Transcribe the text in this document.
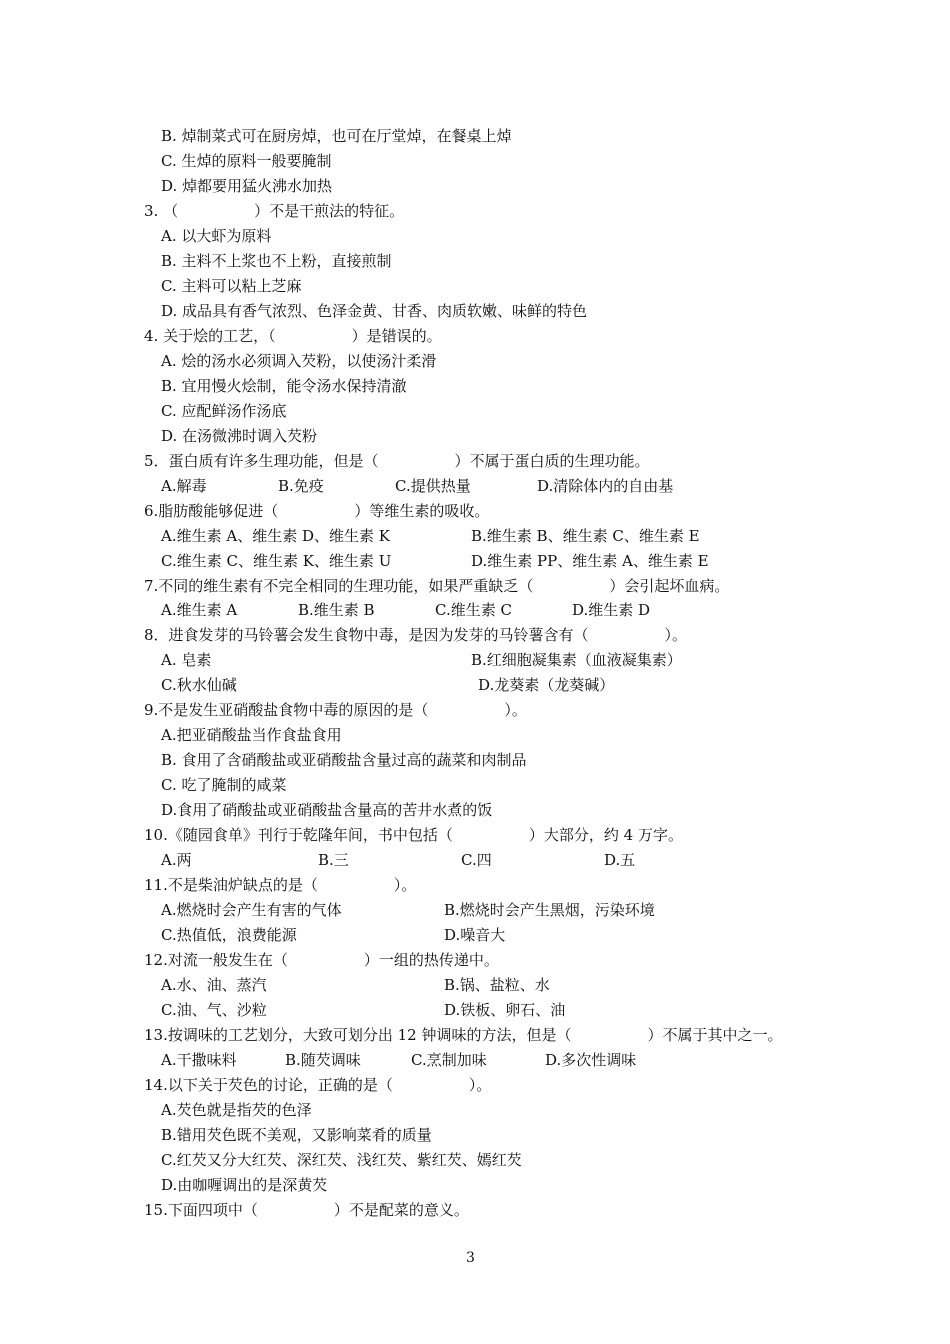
B. 焯制菜式可在厨房焯，也可在厅堂焯，在餐桌上焯
C. 生焯的原料一般要腌制
D. 焯都要用猛火沸水加热
3. （	）不是干煎法的特征。
A. 以大虾为原料
B. 主料不上浆也不上粉，直接煎制
C. 主料可以粘上芝麻
D. 成品具有香气浓烈、色泽金黄、甘香、肉质软嫩、味鲜的特色
4. 关于烩的工艺，（	）是错误的。
A. 烩的汤水必须调入芡粉，以使汤汁柔滑
B. 宜用慢火烩制，能令汤水保持清澈
C. 应配鲜汤作汤底
D. 在汤微沸时调入芡粉
5．蛋白质有许多生理功能，但是（	）不属于蛋白质的生理功能。
A.解毒	B.免疫	C.提供热量	D.清除体内的自由基
6.脂肪酸能够促进（	）等维生素的吸收。
A.维生素 A、维生素 D、维生素 K	B.维生素 B、维生素 C、维生素 E
C.维生素 C、维生素 K、维生素 U	D.维生素 PP、维生素 A、维生素 E
7.不同的维生素有不完全相同的生理功能，如果严重缺乏（	）会引起坏血病。
A.维生素 A	B.维生素 B	C.维生素 C	D.维生素 D
8．进食发芽的马铃薯会发生食物中毒，是因为发芽的马铃薯含有（	）。
A. 皂素	B.红细胞凝集素（血液凝集素）
C.秋水仙碱	D.龙葵素（龙葵碱）
9.不是发生亚硝酸盐食物中毒的原因的是（	）。
A.把亚硝酸盐当作食盐食用
B. 食用了含硝酸盐或亚硝酸盐含量过高的蔬菜和肉制品
C. 吃了腌制的咸菜
D.食用了硝酸盐或亚硝酸盐含量高的苦井水煮的饭
10.《随园食单》刊行于乾隆年间，书中包括（	）大部分，约 4 万字。
A.两	B.三	C.四	D.五
11.不是柴油炉缺点的是（	）。
A.燃烧时会产生有害的气体	B.燃烧时会产生黑烟，污染环境
C.热值低，浪费能源	D.噪音大
12.对流一般发生在（	）一组的热传递中。
A.水、油、蒸汽	B.锅、盐粒、水
C.油、气、沙粒	D.铁板、卵石、油
13.按调味的工艺划分，大致可划分出 12 钟调味的方法，但是（	）不属于其中之一。
A.干撒味料	B.随芡调味	C.烹制加味	D.多次性调味
14.以下关于芡色的讨论，正确的是（	）。
A.芡色就是指芡的色泽
B.错用芡色既不美观，又影响菜肴的质量
C.红芡又分大红芡、深红芡、浅红芡、紫红芡、嫣红芡
D.由咖喱调出的是深黄芡
15.下面四项中（	）不是配菜的意义。
3
